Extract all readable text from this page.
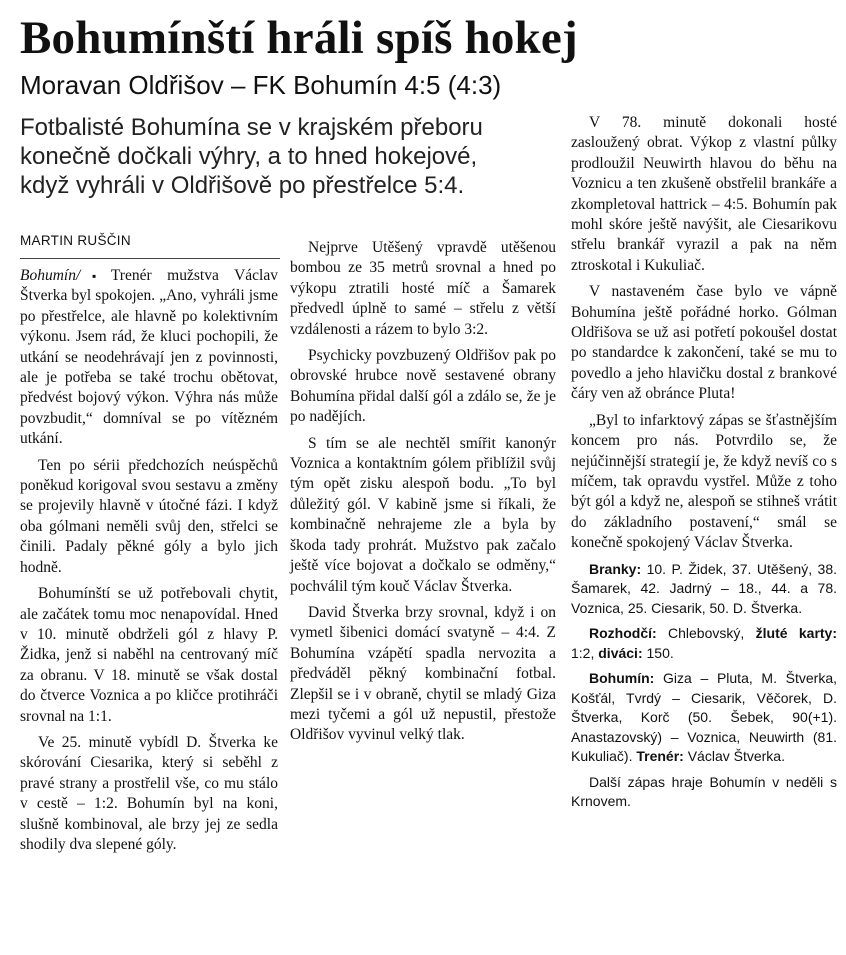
Bohumínští hráli spíš hokej
Moravan Oldřišov – FK Bohumín 4:5 (4:3)

Fotbalisté Bohumína se v krajském přeboru

konečně dočkali výhry, a to hned hokejové,

když vyhráli v Oldřišově po přestřelce 5:4.

MARTIN RUŠČIN

Bohumín/▪ Trenér mužstva Václav Štverka byl spokojen. „Ano, vyhráli jsme po přestřelce, ale hlavně po kolektivním výkonu. Jsem rád, že kluci pochopili, že utkání se neodehrávají jen z povinnosti, ale je potřeba se také trochu obětovat, předvést bojový výkon. Výhra nás může povzbudit,“ domníval se po vítězném utkání.

Ten po sérii předchozích neúspěchů poněkud korigoval svou sestavu a změny se projevily hlavně v útočné fázi. I když oba gólmani neměli svůj den, střelci se činili. Padaly pěkné góly a bylo jich hodně.

Bohumínští se už potřebovali chytit, ale začátek tomu moc nenapovídal. Hned v 10. minutě obdrželi gól z hlavy P. Židka, jenž si naběhl na centrovaný míč za obranu. V 18. minutě se však dostal do čtverce Voznica a po kličce protihráči srovnal na 1:1.

Ve 25. minutě vybídl D. Štverka ke skórování Ciesarika, který si seběhl z pravé strany a prostřelil vše, co mu stálo v cestě – 1:2. Bohumín byl na koni, slušně kombinoval, ale brzy jej ze sedla shodily dva slepené góly.

Nejprve Utěšený vpravdě utěšenou bombou ze 35 metrů srovnal a hned po výkopu ztratili hosté míč a Šamarek předvedl úplně to samé – střelu z větší vzdálenosti a rázem to bylo 3:2.

Psychicky povzbuzený Oldřišov pak po obrovské hrubce nově sestavené obrany Bohumína přidal další gól a zdálo se, že je po nadějích.

S tím se ale nechtěl smířit kanonýr Voznica a kontaktním gólem přiblížil svůj tým opět zisku alespoň bodu. „To byl důležitý gól. V kabině jsme si říkali, že kombinačně nehrajeme zle a byla by škoda tady prohrát. Mužstvo pak začalo ještě více bojovat a dočkalo se odměny,“ pochválil tým kouč Václav Štverka.

David Štverka brzy srovnal, když i on vymetl šibenici domácí svatyně – 4:4. Z Bohumína vzápětí spadla nervozita a předváděl pěkný kombinační fotbal. Zlepšil se i v obraně, chytil se mladý Giza mezi tyčemi a gól už nepustil, přestože Oldřišov vyvinul velký tlak.

V 78. minutě dokonali hosté zasloužený obrat. Výkop z vlastní půlky prodloužil Neuwirth hlavou do běhu na Voznicu a ten zkušeně obstřelil brankáře a zkompletoval hattrick – 4:5. Bohumín pak mohl skóre ještě navýšit, ale Ciesarikovu střelu brankář vyrazil a pak na něm ztroskotal i Kukuliač.

V nastaveném čase bylo ve vápně Bohumína ještě pořádné horko. Gólman Oldřišova se už asi potřetí pokoušel dostat po standardce k zakončení, také se mu to povedlo a jeho hlavičku dostal z brankové čáry ven až obránce Pluta!

„Byl to infarktový zápas se šťastnějším koncem pro nás. Potvrdilo se, že nejúčinnější strategií je, že když nevíš co s míčem, tak opravdu vystřel. Může z toho být gól a když ne, alespoň se stihneš vrátit do základního postavení,“ smál se konečně spokojený Václav Štverka.

Branky: 10. P. Židek, 37. Utěšený, 38. Šamarek, 42. Jadrný – 18., 44. a 78. Voznica, 25. Ciesarik, 50. D. Štverka.

Rozhodčí: Chlebovský, žluté karty: 1:2, diváci: 150.

Bohumín: Giza – Pluta, M. Štverka, Košťál, Tvrdý – Ciesarik, Věčorek, D. Štverka, Korč (50. Šebek, 90(+1). Anastazovský) – Voznica, Neuwirth (81. Kukuliač). Trenér: Václav Štverka.

Další zápas hraje Bohumín v neděli s Krnovem.
